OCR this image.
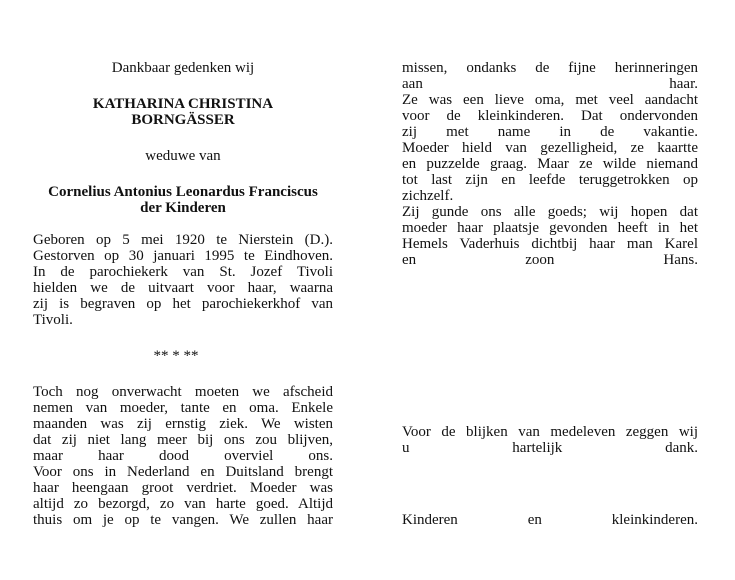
Dankbaar gedenken wij
KATHARINA CHRISTINA
BORNGÄSSER
weduwe van
Cornelius Antonius Leonardus Franciscus
der Kinderen
Geboren op 5 mei 1920 te Nierstein (D.).
Gestorven op 30 januari 1995 te Eindhoven.
In de parochiekerk van St. Jozef Tivoli
hielden we de uitvaart voor haar, waarna
zij is begraven op het parochiekerkhof van
Tivoli.
** * **
Toch nog onverwacht moeten we afscheid
nemen van moeder, tante en oma. Enkele
maanden was zij ernstig ziek. We wisten
dat zij niet lang meer bij ons zou blijven,
maar haar dood overviel ons.
Voor ons in Nederland en Duitsland brengt
haar heengaan groot verdriet. Moeder was
altijd zo bezorgd, zo van harte goed. Altijd
thuis om je op te vangen. We zullen haar
missen, ondanks de fijne herinneringen
aan haar.
Ze was een lieve oma, met veel aandacht
voor de kleinkinderen. Dat ondervonden
zij met name in de vakantie.
Moeder hield van gezelligheid, ze kaartte
en puzzelde graag. Maar ze wilde niemand
tot last zijn en leefde teruggetrokken op
zichzelf.
Zij gunde ons alle goeds; wij hopen dat
moeder haar plaatsje gevonden heeft in het
Hemels Vaderhuis dichtbij haar man Karel
en zoon Hans.
Voor de blijken van medeleven zeggen wij
u hartelijk dank.
Kinderen en kleinkinderen.
